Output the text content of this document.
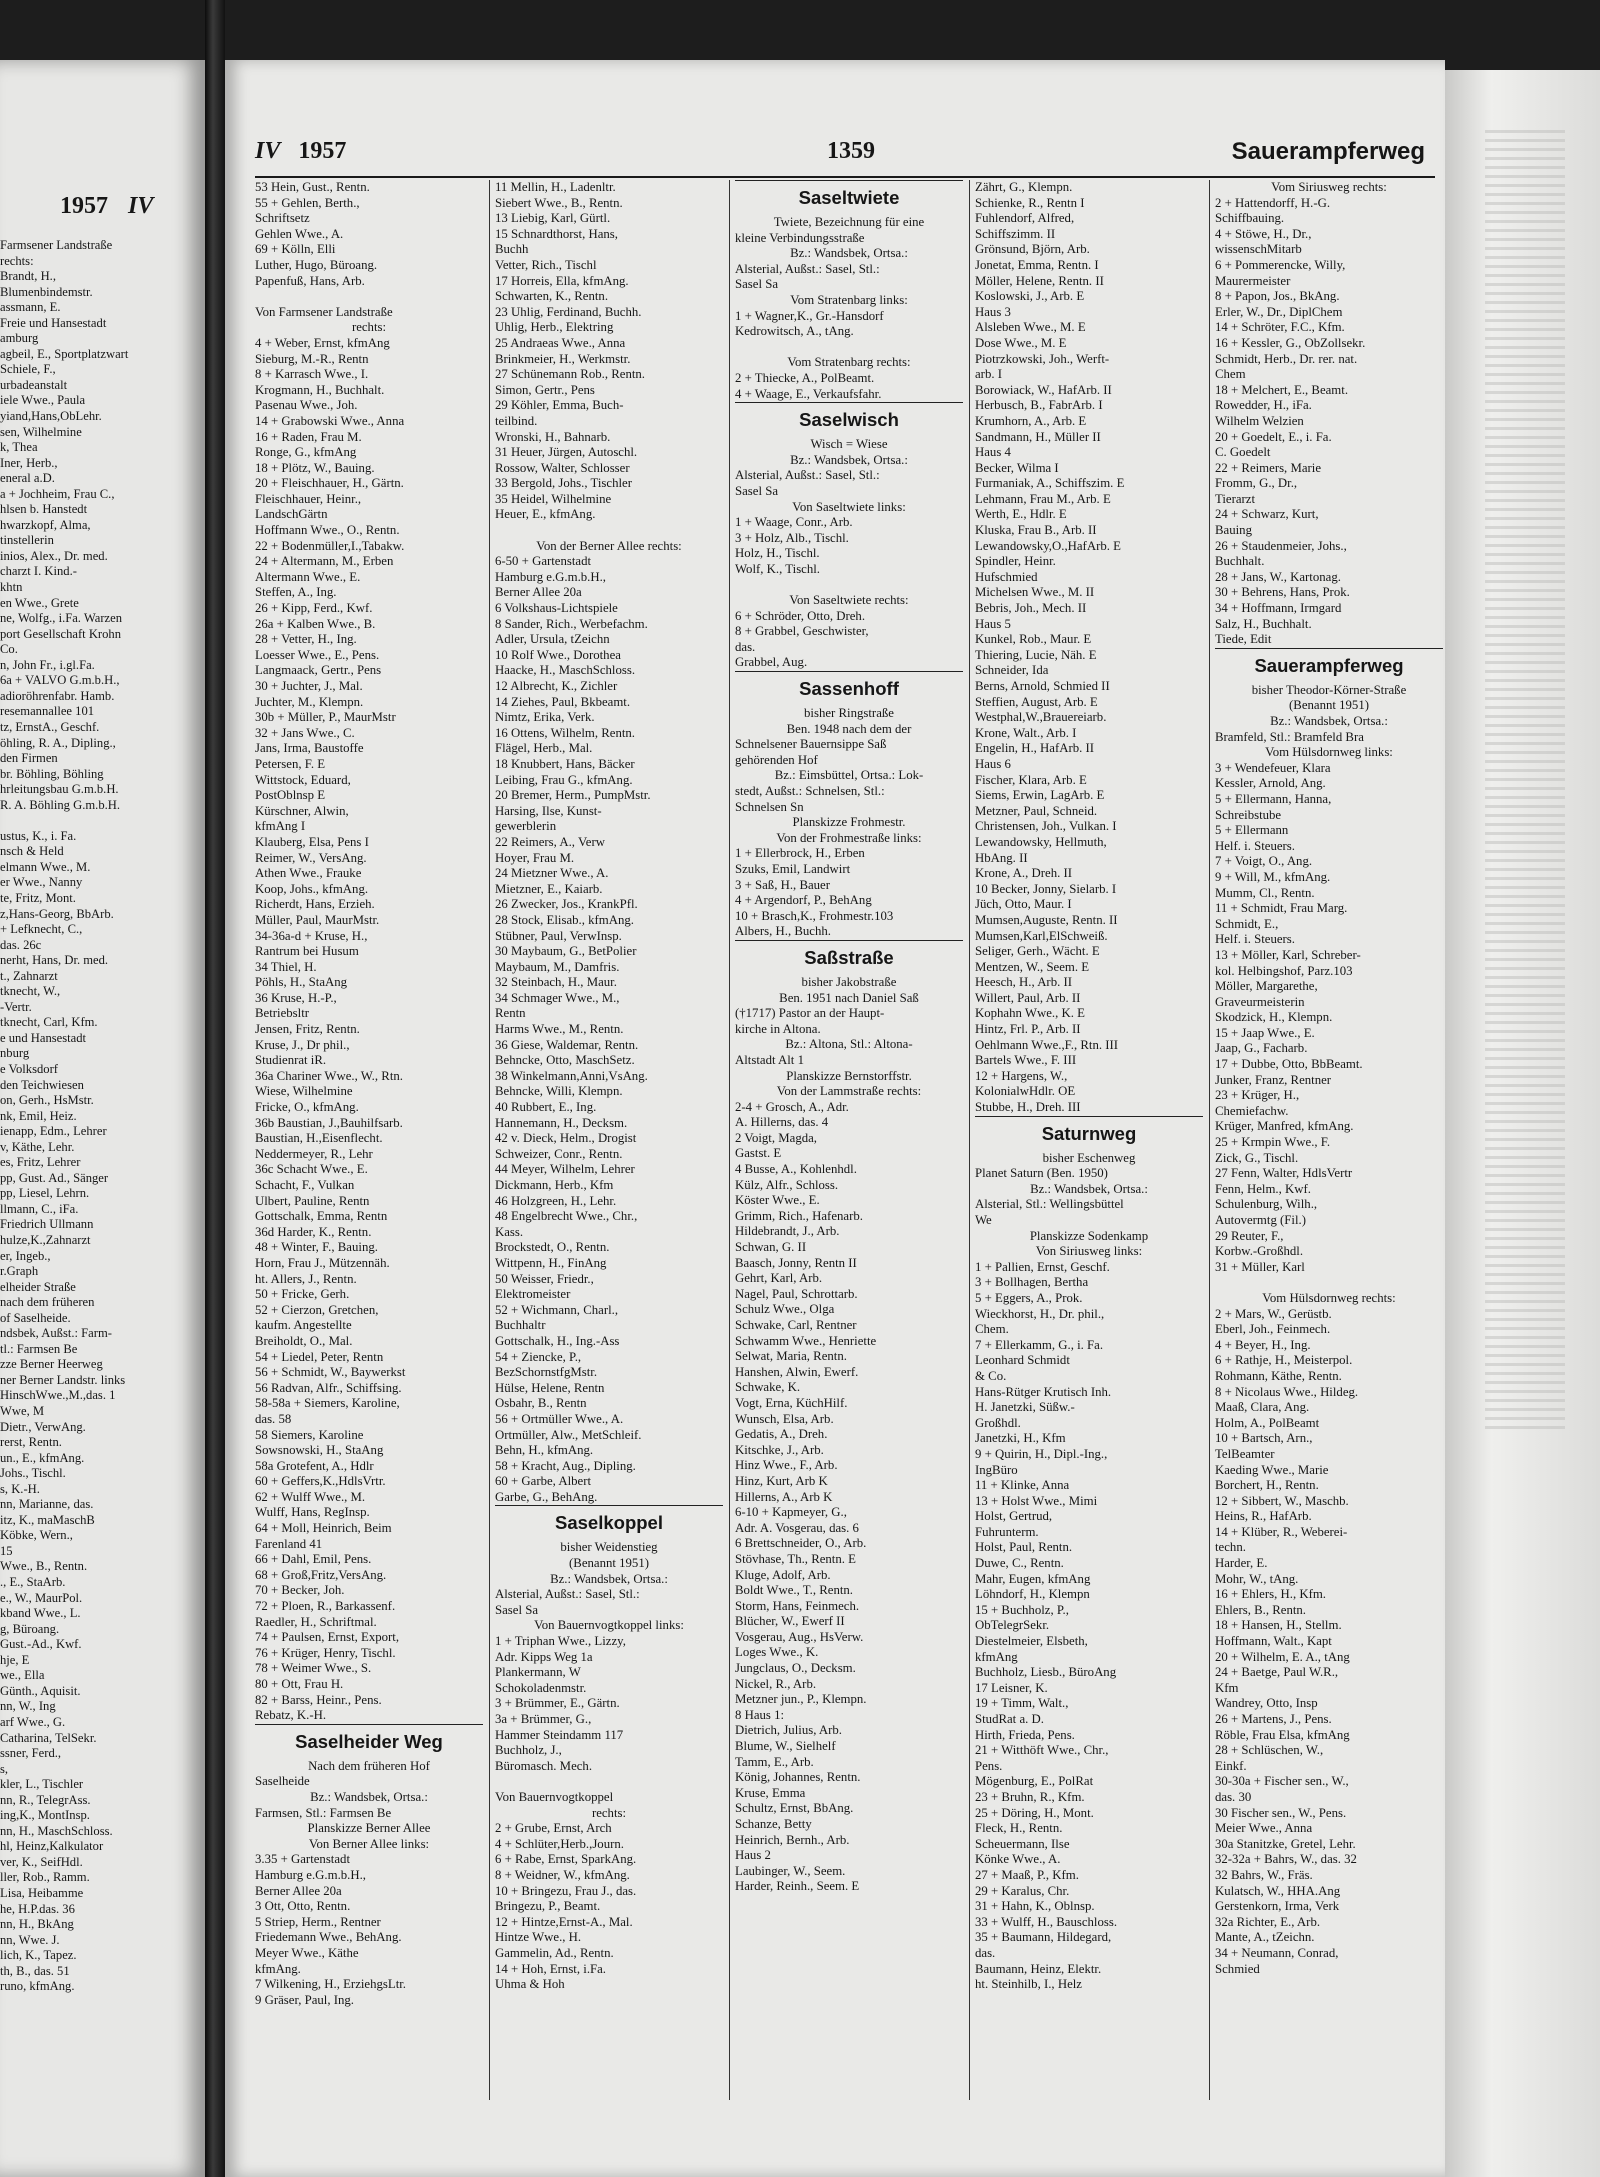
1957 IV
Farmsener Landstraße
rechts:
Brandt, H.,
Blumenbindemstr.
assmann, E.
Freie und Hansestadt
amburg
agbeil, E., Sportplatzwart
Schiele, F.,
urbadeanstalt
iele Wwe., Paula
yiand,Hans,ObLehr.
sen, Wilhelmine
k, Thea
Iner, Herb.,
eneral a.D.
a + Jochheim, Frau C.,
hlsen b. Hanstedt
hwarzkopf, Alma,
tinstellerin
inios, Alex., Dr. med.
charzt I. Kind.-
khtn
en Wwe., Grete
ne, Wolfg., i.Fa. Warzen
port Gesellschaft Krohn
Co.
n, John Fr., i.gl.Fa.
6a + VALVO G.m.b.H.,
adioröhrenfabr. Hamb.
resemannallee 101
tz, ErnstA., Geschf.
öhling, R. A., Dipling.,
den Firmen
br. Böhling, Böhling
hrleitungsbau G.m.b.H.
R. A. Böhling G.m.b.H.

ustus, K., i. Fa.
nsch & Held
elmann Wwe., M.
er Wwe., Nanny
te, Fritz, Mont.
z,Hans-Georg, BbArb.
+ Lefknecht, C.,
das. 26c
nerht, Hans, Dr. med.
t., Zahnarzt
tknecht, W.,
-Vertr.
tknecht, Carl, Kfm.
e und Hansestadt
nburg
e Volksdorf
den Teichwiesen
on, Gerh., HsMstr.
nk, Emil, Heiz.
ienapp, Edm., Lehrer
v, Käthe, Lehr.
es, Fritz, Lehrer
pp, Gust. Ad., Sänger
pp, Liesel, Lehrn.
llmann, C., iFa.
Friedrich Ullmann
hulze,K.,Zahnarzt
er, Ingeb.,
r.Graph
elheider Straße
nach dem früheren
of Saselheide.
ndsbek, Außst.: Farm-
tl.: Farmsen Be
zze Berner Heerweg
ner Berner Landstr. links
HinschWwe.,M.,das. 1
Wwe, M
Dietr., VerwAng.
rerst, Rentn.
un., E., kfmAng.
Johs., Tischl.
s, K.-H.
nn, Marianne, das.
itz, K., maMaschB
Köbke, Wern.,
15
Wwe., B., Rentn.
., E., StaArb.
e., W., MaurPol.
kband Wwe., L.
g, Büroang.
Gust.-Ad., Kwf.
hje, E
we., Ella
Günth., Aquisit.
nn, W., Ing
arf Wwe., G.
Catharina, TelSekr.
ssner, Ferd.,
s,
kler, L., Tischler
nn, R., TelegrAss.
ing,K., MontInsp.
nn, H., MaschSchloss.
hl, Heinz,Kalkulator
ver, K., SeifHdl.
ller, Rob., Ramm.
Lisa, Heibamme
he, H.P.das. 36
nn, H., BkAng
nn, Wwe. J.
lich, K., Tapez.
th, B., das. 51
runo, kfmAng.
IV 1957	1359	Sauerampferweg
53 Hein, Gust., Rentn.
55 + Gehlen, Berth.,
Schriftsetz
Gehlen Wwe., A.
69 + Kölln, Elli
Luther, Hugo, Büroang.
Papenfuß, Hans, Arb.

Von Farmsener Landstraße
rechts:
4 + Weber, Ernst, kfmAng
Sieburg, M.-R., Rentn
8 + Karrasch Wwe., I.
Krogmann, H., Buchhalt.
Pasenau Wwe., Joh.
14 + Grabowski Wwe., Anna
16 + Raden, Frau M.
Ronge, G., kfmAng
18 + Plötz, W., Bauing.
20 + Fleischhauer, H., Gärtn.
Fleischhauer, Heinr.,
LandschGärtn
Hoffmann Wwe., O., Rentn.
22 + Bodenmüller,I.,Tabakw.
24 + Altermann, M., Erben
Altermann Wwe., E.
Steffen, A., Ing.
26 + Kipp, Ferd., Kwf.
26a + Kalben Wwe., B.
28 + Vetter, H., Ing.
Loesser Wwe., E., Pens.
Langmaack, Gertr., Pens
30 + Juchter, J., Mal.
Juchter, M., Klempn.
30b + Müller, P., MaurMstr
32 + Jans Wwe., C.
Jans, Irma, Baustoffe
Petersen, F. E
Wittstock, Eduard,
PostOblnsp E
Kürschner, Alwin,
kfmAng I
Klauberg, Elsa, Pens I
Reimer, W., VersAng.
Athen Wwe., Frauke
Koop, Johs., kfmAng.
Richerdt, Hans, Erzieh.
Müller, Paul, MaurMstr.
34-36a-d + Kruse, H.,
Rantrum bei Husum
34 Thiel, H.
Pöhls, H., StaAng
36 Kruse, H.-P.,
Betriebsltr
Jensen, Fritz, Rentn.
Kruse, J., Dr phil.,
Studienrat iR.
36a Chariner Wwe., W., Rtn.
Wiese, Wilhelmine
Fricke, O., kfmAng.
36b Baustian, J.,Bauhilfsarb.
Baustian, H.,Eisenflecht.
Neddermeyer, R., Lehr
36c Schacht Wwe., E.
Schacht, F., Vulkan
Ulbert, Pauline, Rentn
Gottschalk, Emma, Rentn
36d Harder, K., Rentn.
48 + Winter, F., Bauing.
Horn, Frau J., Mützennäh.
ht. Allers, J., Rentn.
50 + Fricke, Gerh.
52 + Cierzon, Gretchen,
kaufm. Angestellte
Breiholdt, O., Mal.
54 + Liedel, Peter, Rentn
56 + Schmidt, W., Baywerkst
56 Radvan, Alfr., Schiffsing.
58-58a + Siemers, Karoline,
das. 58
58 Siemers, Karoline
Sowsnowski, H., StaAng
58a Grotefent, A., Hdlr
60 + Geffers,K.,HdlsVrtr.
62 + Wulff Wwe., M.
Wulff, Hans, RegInsp.
64 + Moll, Heinrich, Beim
Farenland 41
66 + Dahl, Emil, Pens.
68 + Groß,Fritz,VersAng.
70 + Becker, Joh.
72 + Ploen, R., Barkassenf.
Raedler, H., Schriftmal.
74 + Paulsen, Ernst, Export,
76 + Krüger, Henry, Tischl.
78 + Weimer Wwe., S.
80 + Ott, Frau H.
82 + Barss, Heinr., Pens.
Rebatz, K.-H.
Saselheider Weg
Nach dem früheren Hof
Saselheide
Bz.: Wandsbek, Ortsa.:
Farmsen, Stl.: Farmsen Be
Planskizze Berner Allee
Von Berner Allee links:
3.35 + Gartenstadt
Hamburg e.G.m.b.H.,
Berner Allee 20a
3 Ott, Otto, Rentn.
5 Striep, Herm., Rentner
Friedemann Wwe., BehAng.
Meyer Wwe., Käthe
kfmAng.
7 Wilkening, H., ErziehgsLtr.
9 Gräser, Paul, Ing.
11 Mellin, H., Ladenltr.
Siebert Wwe., B., Rentn.
13 Liebig, Karl, Gürtl.
15 Schnardthorst, Hans,
Buchh
Vetter, Rich., Tischl
17 Horreis, Ella, kfmAng.
Schwarten, K., Rentn.
23 Uhlig, Ferdinand, Buchh.
Uhlig, Herb., Elektring
25 Andraeas Wwe., Anna
Brinkmeier, H., Werkmstr.
27 Schünemann Rob., Rentn.
Simon, Gertr., Pens
29 Köhler, Emma, Buch-
teilbind.
Wronski, H., Bahnarb.
31 Heuer, Jürgen, Autoschl.
Rossow, Walter, Schlosser
33 Bergold, Johs., Tischler
35 Heidel, Wilhelmine
Heuer, E., kfmAng.

Von der Berner Allee rechts:
6-50 + Gartenstadt
Hamburg e.G.m.b.H.,
Berner Allee 20a
6 Volkshaus-Lichtspiele
8 Sander, Rich., Werbefachm.
Adler, Ursula, tZeichn
10 Rolf Wwe., Dorothea
Haacke, H., MaschSchloss.
12 Albrecht, K., Zichler
14 Ziehes, Paul, Bkbeamt.
Nimtz, Erika, Verk.
16 Ottens, Wilhelm, Rentn.
Flägel, Herb., Mal.
18 Knubbert, Hans, Bäcker
Leibing, Frau G., kfmAng.
20 Bremer, Herm., PumpMstr.
Harsing, Ilse, Kunst-
gewerblerin
22 Reimers, A., Verw
Hoyer, Frau M.
24 Mietzner Wwe., A.
Mietzner, E., Kaiarb.
26 Zwecker, Jos., KrankPfl.
28 Stock, Elisab., kfmAng.
Stübner, Paul, VerwInsp.
30 Maybaum, G., BetPolier
Maybaum, M., Damfris.
32 Steinbach, H., Maur.
34 Schmager Wwe., M.,
Rentn
Harms Wwe., M., Rentn.
36 Giese, Waldemar, Rentn.
Behncke, Otto, MaschSetz.
38 Winkelmann,Anni,VsAng.
Behncke, Willi, Klempn.
40 Rubbert, E., Ing.
Hannemann, H., Decksm.
42 v. Dieck, Helm., Drogist
Schweizer, Conr., Rentn.
44 Meyer, Wilhelm, Lehrer
Dickmann, Herb., Kfm
46 Holzgreen, H., Lehr.
48 Engelbrecht Wwe., Chr.,
Kass.
Brockstedt, O., Rentn.
Wittpenn, H., FinAng
50 Weisser, Friedr.,
Elektromeister
52 + Wichmann, Charl.,
Buchhaltr
Gottschalk, H., Ing.-Ass
54 + Ziencke, P.,
BezSchornstfgMstr.
Hülse, Helene, Rentn
Osbahr, B., Rentn
56 + Ortmüller Wwe., A.
Ortmüller, Alw., MetSchleif.
Behn, H., kfmAng.
58 + Kracht, Aug., Dipling.
60 + Garbe, Albert
Garbe, G., BehAng.
Saselkoppel
bisher Weidenstieg
(Benannt 1951)
Bz.: Wandsbek, Ortsa.:
Alsterial, Außst.: Sasel, Stl.:
Sasel Sa
Von Bauernvogtkoppel links:
1 + Triphan Wwe., Lizzy,
Adr. Kipps Weg 1a
Plankermann, W
Schokoladenmstr.
3 + Brümmer, E., Gärtn.
3a + Brümmer, G.,
Hammer Steindamm 117
Buchholz, J.,
Büromasch. Mech.

Von Bauernvogtkoppel
rechts:
2 + Grube, Ernst, Arch
4 + Schlüter,Herb.,Journ.
6 + Rabe, Ernst, SparkAng.
8 + Weidner, W., kfmAng.
10 + Bringezu, Frau J., das.
Bringezu, P., Beamt.
12 + Hintze,Ernst-A., Mal.
Hintze Wwe., H.
Gammelin, Ad., Rentn.
14 + Hoh, Ernst, i.Fa.
Uhma & Hoh
Saseltwiete
Twiete, Bezeichnung für eine
kleine Verbindungsstraße
Bz.: Wandsbek, Ortsa.:
Alsterial, Außst.: Sasel, Stl.:
Sasel Sa
Vom Stratenbarg links:
1 + Wagner,K., Gr.-Hansdorf
Kedrowitsch, A., tAng.

Vom Stratenbarg rechts:
2 + Thiecke, A., PolBeamt.
4 + Waage, E., Verkaufsfahr.
Saselwisch
Wisch = Wiese
Bz.: Wandsbek, Ortsa.:
Alsterial, Außst.: Sasel, Stl.:
Sasel Sa
Von Saseltwiete links:
1 + Waage, Conr., Arb.
3 + Holz, Alb., Tischl.
Holz, H., Tischl.
Wolf, K., Tischl.

Von Saseltwiete rechts:
6 + Schröder, Otto, Dreh.
8 + Grabbel, Geschwister,
das.
Grabbel, Aug.
Sassenhoff
bisher Ringstraße
Ben. 1948 nach dem der
Schnelsener Bauernsippe Saß
gehörenden Hof
Bz.: Eimsbüttel, Ortsa.: Lok-
stedt, Außst.: Schnelsen, Stl.:
Schnelsen Sn
Planskizze Frohmestr.
Von der Frohmestraße links:
1 + Ellerbrock, H., Erben
Szuks, Emil, Landwirt
3 + Saß, H., Bauer
4 + Argendorf, P., BehAng
10 + Brasch,K., Frohmestr.103
Albers, H., Buchh.
Saßstraße
bisher Jakobstraße
Ben. 1951 nach Daniel Saß
(†1717) Pastor an der Haupt-
kirche in Altona.
Bz.: Altona, Stl.: Altona-
Altstadt Alt 1
Planskizze Bernstorffstr.
Von der Lammstraße rechts:
2-4 + Grosch, A., Adr.
A. Hillerns, das. 4
2 Voigt, Magda,
Gastst. E
4 Busse, A., Kohlenhdl.
Külz, Alfr., Schloss.
Köster Wwe., E.
Grimm, Rich., Hafenarb.
Hildebrandt, J., Arb.
Schwan, G. II
Baasch, Jonny, Rentn II
Gehrt, Karl, Arb.
Nagel, Paul, Schrottarb.
Schulz Wwe., Olga
Schwake, Carl, Rentner
Schwamm Wwe., Henriette
Selwat, Maria, Rentn.
Hanshen, Alwin, Ewerf.
Schwake, K.
Vogt, Erna, KüchHilf.
Wunsch, Elsa, Arb.
Gedatis, A., Dreh.
Kitschke, J., Arb.
Hinz Wwe., F., Arb.
Hinz, Kurt, Arb K
Hillerns, A., Arb K
6-10 + Kapmeyer, G.,
Adr. A. Vosgerau, das. 6
6 Brettschneider, O., Arb.
Stövhase, Th., Rentn. E
Kluge, Adolf, Arb.
Boldt Wwe., T., Rentn.
Storm, Hans, Feinmech.
Blücher, W., Ewerf II
Vosgerau, Aug., HsVerw.
Loges Wwe., K.
Jungclaus, O., Decksm.
Nickel, R., Arb.
Metzner jun., P., Klempn.
8 Haus 1:
Dietrich, Julius, Arb.
Blume, W., Sielhelf
Tamm, E., Arb.
König, Johannes, Rentn.
Kruse, Emma
Schultz, Ernst, BbAng.
Schanze, Betty
Heinrich, Bernh., Arb.
Haus 2
Laubinger, W., Seem.
Harder, Reinh., Seem. E
Zährt, G., Klempn.
Schienke, R., Rentn I
Fuhlendorf, Alfred,
Schiffszimm. II
Grönsund, Björn, Arb.
Jonetat, Emma, Rentn. I
Möller, Helene, Rentn. II
Koslowski, J., Arb. E
Haus 3
Alsleben Wwe., M. E
Dose Wwe., M. E
Piotrzkowski, Joh., Werft-
arb. I
Borowiack, W., HafArb. II
Herbusch, B., FabrArb. I
Krumhorn, A., Arb. E
Sandmann, H., Müller II
Haus 4
Becker, Wilma I
Furmaniak, A., Schiffszim. E
Lehmann, Frau M., Arb. E
Werth, E., Hdlr. E
Kluska, Frau B., Arb. II
Lewandowsky,O.,HafArb. E
Spindler, Heinr.
Hufschmied
Michelsen Wwe., M. II
Bebris, Joh., Mech. II
Haus 5
Kunkel, Rob., Maur. E
Thiering, Lucie, Näh. E
Schneider, Ida
Berns, Arnold, Schmied II
Steffien, August, Arb. E
Westphal,W.,Brauereiarb.
Krone, Walt., Arb. I
Engelin, H., HafArb. II
Haus 6
Fischer, Klara, Arb. E
Siems, Erwin, LagArb. E
Metzner, Paul, Schneid.
Christensen, Joh., Vulkan. I
Lewandowsky, Hellmuth,
HbAng. II
Krone, A., Dreh. II
10 Becker, Jonny, Sielarb. I
Jüch, Otto, Maur. I
Mumsen,Auguste, Rentn. II
Mumsen,Karl,ElSchweiß.
Seliger, Gerh., Wächt. E
Mentzen, W., Seem. E
Heesch, H., Arb. II
Willert, Paul, Arb. II
Kophahn Wwe., K. E
Hintz, Frl. P., Arb. II
Oehlmann Wwe.,F., Rtn. III
Bartels Wwe., F. III
12 + Hargens, W.,
KolonialwHdlr. OE
Stubbe, H., Dreh. III
Saturnweg
bisher Eschenweg
Planet Saturn (Ben. 1950)
Bz.: Wandsbek, Ortsa.:
Alsterial, Stl.: Wellingsbüttel
We
Planskizze Sodenkamp
Von Siriusweg links:
1 + Pallien, Ernst, Geschf.
3 + Bollhagen, Bertha
5 + Eggers, A., Prok.
Wieckhorst, H., Dr. phil.,
Chem.
7 + Ellerkamm, G., i. Fa.
Leonhard Schmidt
& Co.
Hans-Rütger Krutisch Inh.
H. Janetzki, Süßw.-
Großhdl.
Janetzki, H., Kfm
9 + Quirin, H., Dipl.-Ing.,
IngBüro
11 + Klinke, Anna
13 + Holst Wwe., Mimi
Holst, Gertrud,
Fuhrunterm.
Holst, Paul, Rentn.
Duwe, C., Rentn.
Mahr, Eugen, kfmAng
Löhndorf, H., Klempn
15 + Buchholz, P.,
ObTelegrSekr.
Diestelmeier, Elsbeth,
kfmAng
Buchholz, Liesb., BüroAng
17 Leisner, K.
19 + Timm, Walt.,
StudRat a. D.
Hirth, Frieda, Pens.
21 + Witthöft Wwe., Chr.,
Pens.
Mögenburg, E., PolRat
23 + Bruhn, R., Kfm.
25 + Döring, H., Mont.
Fleck, H., Rentn.
Scheuermann, Ilse
Könke Wwe., A.
27 + Maaß, P., Kfm.
29 + Karalus, Chr.
31 + Hahn, K., Oblnsp.
33 + Wulff, H., Bauschloss.
35 + Baumann, Hildegard,
das.
Baumann, Heinz, Elektr.
ht. Steinhilb, I., Helz
Vom Siriusweg rechts:
2 + Hattendorff, H.-G.
Schiffbauing.
4 + Stöwe, H., Dr.,
wissenschMitarb
6 + Pommerencke, Willy,
Maurermeister
8 + Papon, Jos., BkAng.
Erler, W., Dr., DiplChem
14 + Schröter, F.C., Kfm.
16 + Kessler, G., ObZollsekr.
Schmidt, Herb., Dr. rer. nat.
Chem
18 + Melchert, E., Beamt.
Rowedder, H., iFa.
Wilhelm Welzien
20 + Goedelt, E., i. Fa.
C. Goedelt
22 + Reimers, Marie
Fromm, G., Dr.,
Tierarzt
24 + Schwarz, Kurt,
Bauing
26 + Staudenmeier, Johs.,
Buchhalt.
28 + Jans, W., Kartonag.
30 + Behrens, Hans, Prok.
34 + Hoffmann, Irmgard
Salz, H., Buchhalt.
Tiede, Edit
Sauerampferweg
bisher Theodor-Körner-Straße
(Benannt 1951)
Bz.: Wandsbek, Ortsa.:
Bramfeld, Stl.: Bramfeld Bra
Vom Hülsdornweg links:
3 + Wendefeuer, Klara
Kessler, Arnold, Ang.
5 + Ellermann, Hanna,
Schreibstube
5 + Ellermann
Helf. i. Steuers.
7 + Voigt, O., Ang.
9 + Will, M., kfmAng.
Mumm, Cl., Rentn.
11 + Schmidt, Frau Marg.
Schmidt, E.,
Helf. i. Steuers.
13 + Möller, Karl, Schreber-
kol. Helbingshof, Parz.103
Möller, Margarethe,
Graveurmeisterin
Skodzick, H., Klempn.
15 + Jaap Wwe., E.
Jaap, G., Facharb.
17 + Dubbe, Otto, BbBeamt.
Junker, Franz, Rentner
23 + Krüger, H.,
Chemiefachw.
Krüger, Manfred, kfmAng.
25 + Krmpin Wwe., F.
Zick, G., Tischl.
27 Fenn, Walter, HdlsVertr
Fenn, Helm., Kwf.
Schulenburg, Wilh.,
Autovermtg (Fil.)
29 Reuter, F.,
Korbw.-Großhdl.
31 + Müller, Karl

Vom Hülsdornweg rechts:
2 + Mars, W., Gerüstb.
Eberl, Joh., Feinmech.
4 + Beyer, H., Ing.
6 + Rathje, H., Meisterpol.
Rohmann, Käthe, Rentn.
8 + Nicolaus Wwe., Hildeg.
Maaß, Clara, Ang.
Holm, A., PolBeamt
10 + Bartsch, Arn.,
TelBeamter
Kaeding Wwe., Marie
Borchert, H., Rentn.
12 + Sibbert, W., Maschb.
Heins, R., HafArb.
14 + Klüber, R., Weberei-
techn.
Harder, E.
Mohr, W., tAng.
16 + Ehlers, H., Kfm.
Ehlers, B., Rentn.
18 + Hansen, H., Stellm.
Hoffmann, Walt., Kapt
20 + Wilhelm, E. A., tAng
24 + Baetge, Paul W.R.,
Kfm
Wandrey, Otto, Insp
26 + Martens, J., Pens.
Röble, Frau Elsa, kfmAng
28 + Schlüschen, W.,
Einkf.
30-30a + Fischer sen., W.,
das. 30
30 Fischer sen., W., Pens.
Meier Wwe., Anna
30a Stanitzke, Gretel, Lehr.
32-32a + Bahrs, W., das. 32
32 Bahrs, W., Fräs.
Kulatsch, W., HHA.Ang
Gerstenkorn, Irma, Verk
32a Richter, E., Arb.
Mante, A., tZeichn.
34 + Neumann, Conrad,
Schmied
